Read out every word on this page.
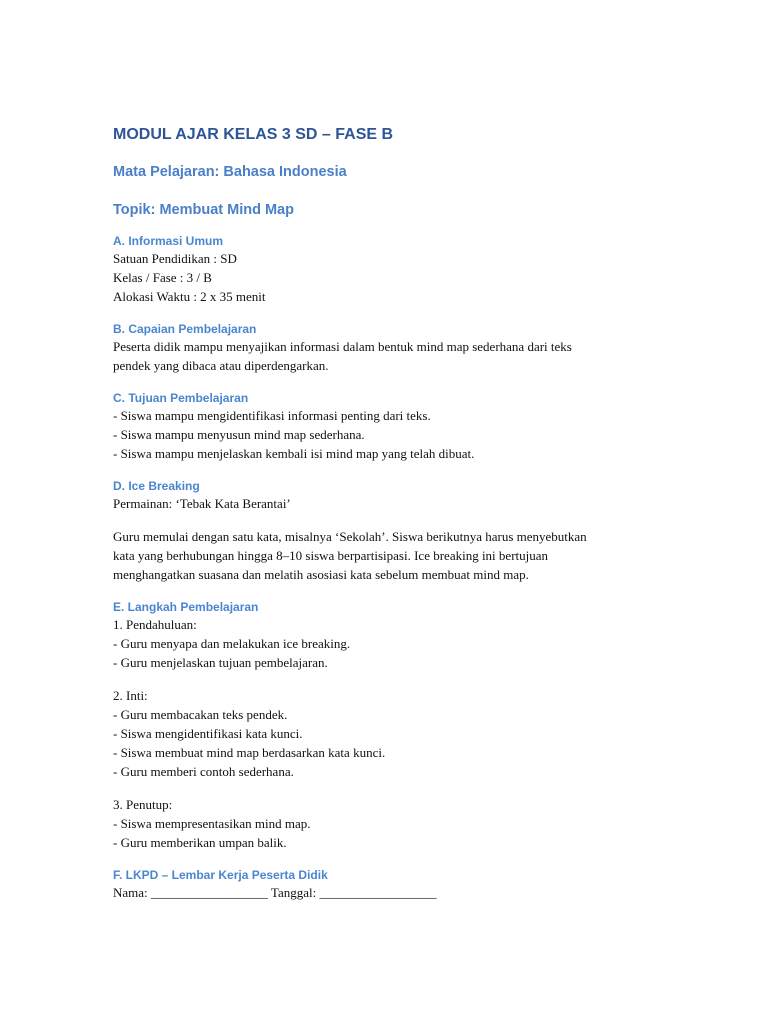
MODUL AJAR KELAS 3 SD – FASE B
Mata Pelajaran: Bahasa Indonesia
Topik: Membuat Mind Map
A. Informasi Umum

Satuan Pendidikan : SD

Kelas / Fase : 3 / B

Alokasi Waktu : 2 x 35 menit

B. Capaian Pembelajaran

Peserta didik mampu menyajikan informasi dalam bentuk mind map sederhana dari teks

pendek yang dibaca atau diperdengarkan.

C. Tujuan Pembelajaran

- Siswa mampu mengidentifikasi informasi penting dari teks.

- Siswa mampu menyusun mind map sederhana.

- Siswa mampu menjelaskan kembali isi mind map yang telah dibuat.

D. Ice Breaking

Permainan: ‘Tebak Kata Berantai’

Guru memulai dengan satu kata, misalnya ‘Sekolah’. Siswa berikutnya harus menyebutkan

kata yang berhubungan hingga 8–10 siswa berpartisipasi. Ice breaking ini bertujuan

menghangatkan suasana dan melatih asosiasi kata sebelum membuat mind map.

E. Langkah Pembelajaran

1. Pendahuluan:

- Guru menyapa dan melakukan ice breaking.

- Guru menjelaskan tujuan pembelajaran.

2. Inti:

- Guru membacakan teks pendek.

- Siswa mengidentifikasi kata kunci.

- Siswa membuat mind map berdasarkan kata kunci.

- Guru memberi contoh sederhana.

3. Penutup:

- Siswa mempresentasikan mind map.

- Guru memberikan umpan balik.

F. LKPD – Lembar Kerja Peserta Didik

Nama: __________________ Tanggal: __________________
